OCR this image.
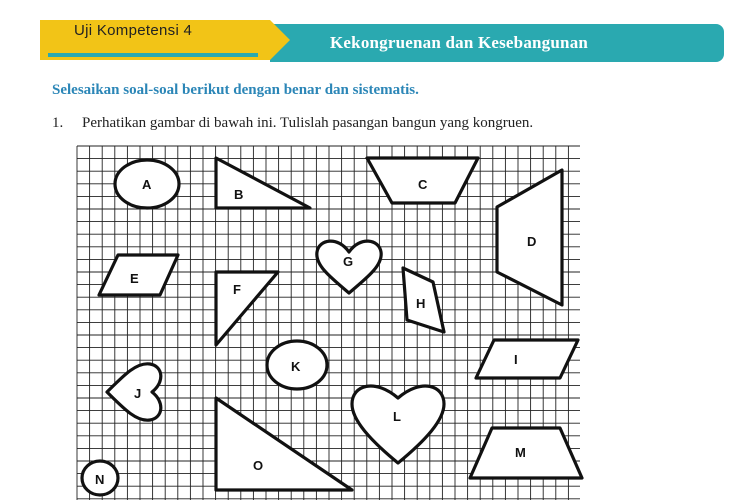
Kekongruenan dan Kesebangunan
Uji Kompetensi 4
Selesaikan soal-soal berikut dengan benar dan sistematis.
1. Perhatikan gambar di bawah ini. Tulislah pasangan bangun yang kongruen.
A
B
C
D
E
F
G
H
I
J
K
L
M
N
O
